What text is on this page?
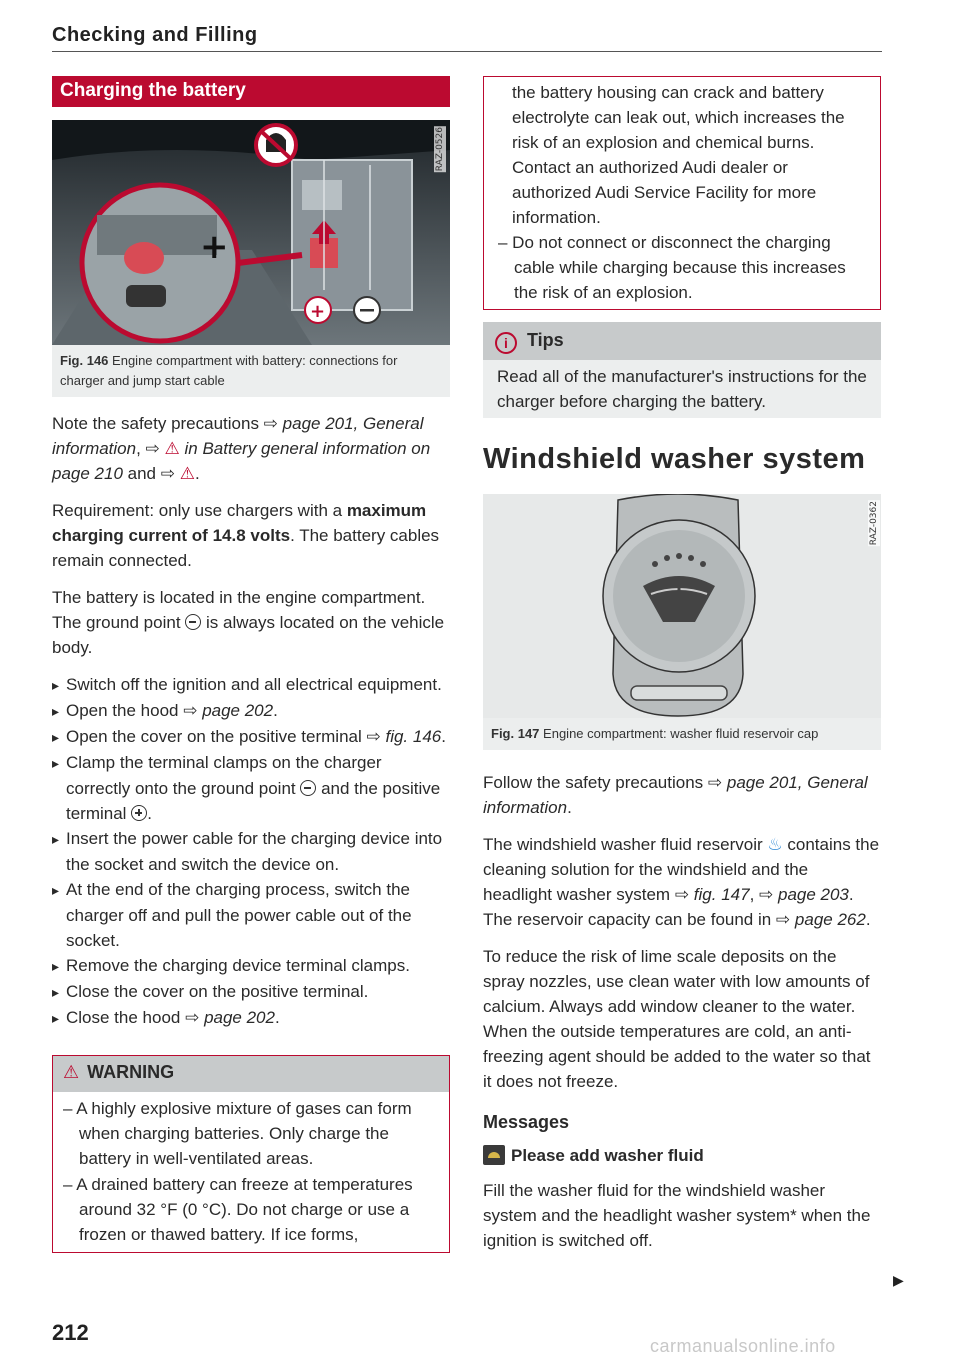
Checking and Filling
Charging the battery
+
+
RAZ-0526
Fig. 146 Engine compartment with battery: connections for charger and jump start cable

Note the safety precautions ⇨ page 201, General information, ⇨ ⚠ in Battery general information on page 210 and ⇨ ⚠.

Requirement: only use chargers with a maximum charging current of 14.8 volts. The battery cables remain connected.

The battery is located in the engine compartment. The ground point
is always located on the vehicle body.

▸ Switch off the ignition and all electrical equipment.
▸ Open the hood ⇨ page 202.
▸ Open the cover on the positive terminal ⇨ fig. 146.
▸ Clamp the terminal clamps on the charger correctly onto the ground point
and the positive terminal
.
▸ Insert the power cable for the charging device into the socket and switch the device on.
▸ At the end of the charging process, switch the charger off and pull the power cable out of the socket.
▸ Remove the charging device terminal clamps.
▸ Close the cover on the positive terminal.
▸ Close the hood ⇨ page 202.
⚠ WARNING
– A highly explosive mixture of gases can form when charging batteries. Only charge the battery in well-ventilated areas.
– A drained battery can freeze at temperatures around 32 °F (0 °C). Do not charge or use a frozen or thawed battery. If ice forms,
the battery housing can crack and battery electrolyte can leak out, which increases the risk of an explosion and chemical burns. Contact an authorized Audi dealer or authorized Audi Service Facility for more information.
– Do not connect or disconnect the charging cable while charging because this increases the risk of an explosion.
i Tips
Read all of the manufacturer's instructions for the charger before charging the battery.
Windshield washer system
RAZ-0362
Fig. 147 Engine compartment: washer fluid reservoir cap

Follow the safety precautions ⇨ page 201, General information.

The windshield washer fluid reservoir ♨ contains the cleaning solution for the windshield and the headlight washer system ⇨ fig. 147, ⇨ page 203. The reservoir capacity can be found in ⇨ page 262.

To reduce the risk of lime scale deposits on the spray nozzles, use clean water with low amounts of calcium. Always add window cleaner to the water. When the outside temperatures are cold, an anti-freezing agent should be added to the water so that it does not freeze.

Messages
Please add washer fluid

Fill the washer fluid for the windshield washer system and the headlight washer system* when the ignition is switched off.

212
▶
carmanualsonline.info
